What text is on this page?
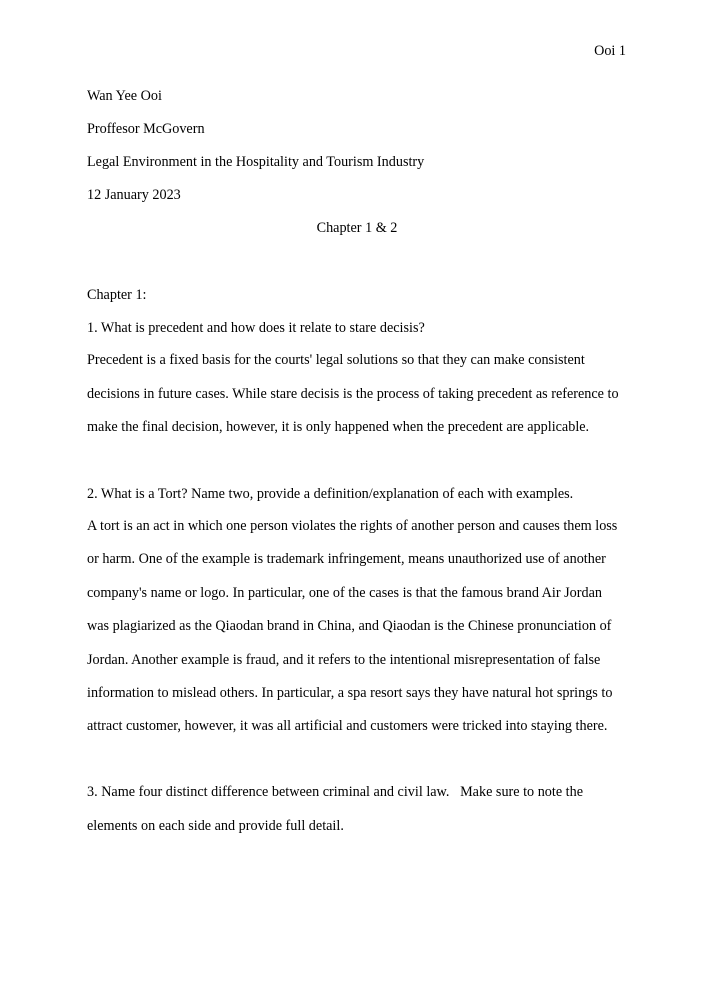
Ooi 1
Wan Yee Ooi
Proffesor McGovern
Legal Environment in the Hospitality and Tourism Industry
12 January 2023
Chapter 1 & 2
Chapter 1:
1. What is precedent and how does it relate to stare decisis?
Precedent is a fixed basis for the courts' legal solutions so that they can make consistent
decisions in future cases. While stare decisis is the process of taking precedent as reference to
make the final decision, however, it is only happened when the precedent are applicable.
2. What is a Tort? Name two, provide a definition/explanation of each with examples.
A tort is an act in which one person violates the rights of another person and causes them loss
or harm. One of the example is trademark infringement, means unauthorized use of another
company's name or logo. In particular, one of the cases is that the famous brand Air Jordan
was plagiarized as the Qiaodan brand in China, and Qiaodan is the Chinese pronunciation of
Jordan. Another example is fraud, and it refers to the intentional misrepresentation of false
information to mislead others. In particular, a spa resort says they have natural hot springs to
attract customer, however, it was all artificial and customers were tricked into staying there.
3. Name four distinct difference between criminal and civil law.   Make sure to note the
elements on each side and provide full detail.
